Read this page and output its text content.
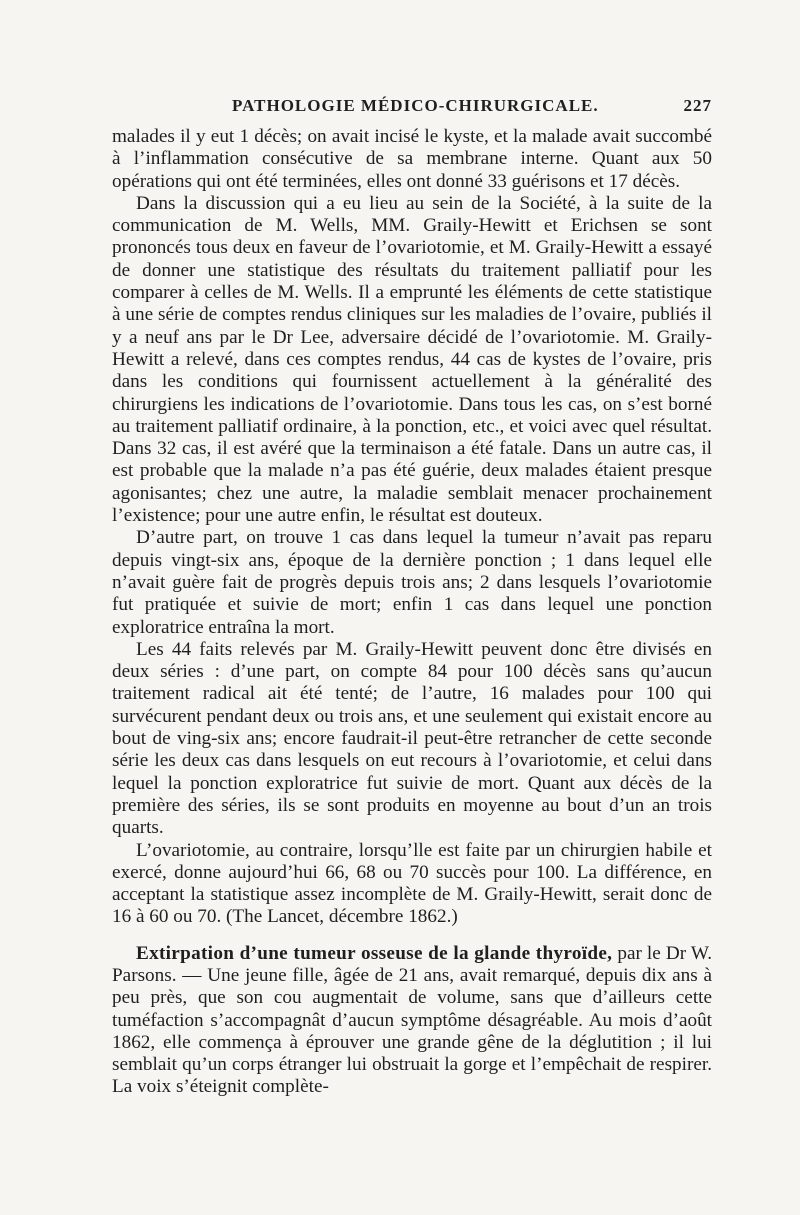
PATHOLOGIE MÉDICO-CHIRURGICALE.	227

malades il y eut 1 décès; on avait incisé le kyste, et la malade avait succombé à l’inflammation consécutive de sa membrane interne. Quant aux 50 opérations qui ont été terminées, elles ont donné 33 guérisons et 17 décès.

Dans la discussion qui a eu lieu au sein de la Société, à la suite de la communication de M. Wells, MM. Graily-Hewitt et Erichsen se sont prononcés tous deux en faveur de l’ovariotomie, et M. Graily-Hewitt a essayé de donner une statistique des résultats du traitement palliatif pour les comparer à celles de M. Wells. Il a emprunté les éléments de cette statistique à une série de comptes rendus cliniques sur les maladies de l’ovaire, publiés il y a neuf ans par le Dr Lee, adversaire décidé de l’ovariotomie. M. Graily-Hewitt a relevé, dans ces comptes rendus, 44 cas de kystes de l’ovaire, pris dans les conditions qui fournissent actuellement à la généralité des chirurgiens les indications de l’ovariotomie. Dans tous les cas, on s’est borné au traitement palliatif ordinaire, à la ponction, etc., et voici avec quel résultat. Dans 32 cas, il est avéré que la terminaison a été fatale. Dans un autre cas, il est probable que la malade n’a pas été guérie, deux malades étaient presque agonisantes; chez une autre, la maladie semblait menacer prochainement l’existence; pour une autre enfin, le résultat est douteux.

D’autre part, on trouve 1 cas dans lequel la tumeur n’avait pas reparu depuis vingt-six ans, époque de la dernière ponction ; 1 dans lequel elle n’avait guère fait de progrès depuis trois ans; 2 dans lesquels l’ovariotomie fut pratiquée et suivie de mort; enfin 1 cas dans lequel une ponction exploratrice entraîna la mort.

Les 44 faits relevés par M. Graily-Hewitt peuvent donc être divisés en deux séries : d’une part, on compte 84 pour 100 décès sans qu’aucun traitement radical ait été tenté; de l’autre, 16 malades pour 100 qui survécurent pendant deux ou trois ans, et une seulement qui existait encore au bout de ving-six ans; encore faudrait-il peut-être retrancher de cette seconde série les deux cas dans lesquels on eut recours à l’ovariotomie, et celui dans lequel la ponction exploratrice fut suivie de mort. Quant aux décès de la première des séries, ils se sont produits en moyenne au bout d’un an trois quarts.

L’ovariotomie, au contraire, lorsqu’lle est faite par un chirurgien habile et exercé, donne aujourd’hui 66, 68 ou 70 succès pour 100. La différence, en acceptant la statistique assez incomplète de M. Graily-Hewitt, serait donc de 16 à 60 ou 70. (The Lancet, décembre 1862.)

Extirpation d’une tumeur osseuse de la glande thyroïde, par le Dr W. Parsons. — Une jeune fille, âgée de 21 ans, avait remarqué, depuis dix ans à peu près, que son cou augmentait de volume, sans que d’ailleurs cette tuméfaction s’accompagnât d’aucun symptôme désagréable. Au mois d’août 1862, elle commença à éprouver une grande gêne de la déglutition ; il lui semblait qu’un corps étranger lui obstruait la gorge et l’empêchait de respirer. La voix s’éteignit complète-
